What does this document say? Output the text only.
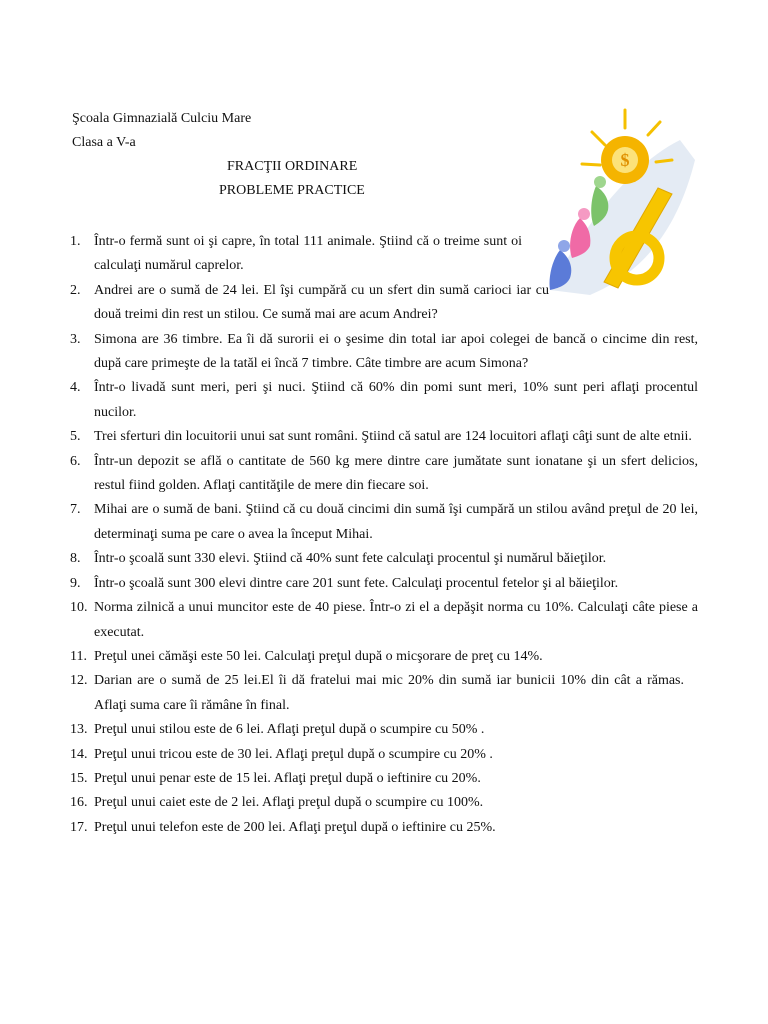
Şcoala Gimnazială Culciu Mare
Clasa a V-a
FRACŢII ORDINARE
PROBLEME PRACTICE
$
1. Într-o fermă sunt oi şi capre, în total 111 animale. Ştiind că o treime sunt oi calculaţi numărul caprelor.
2. Andrei are o sumă de 24 lei. El îşi cumpără cu un sfert din sumă carioci iar cu două treimi din rest un stilou. Ce sumă mai are acum Andrei?
3. Simona are 36 timbre. Ea îi dă surorii ei o şesime din total iar apoi colegei de bancă o cincime din rest, după care primeşte de la tatăl ei încă 7 timbre. Câte timbre are acum Simona?
4. Într-o livadă sunt meri, peri şi nuci. Ştiind că 60% din pomi sunt meri, 10% sunt peri aflaţi procentul nucilor.
5. Trei sferturi din locuitorii unui sat sunt români. Ştiind că satul are 124 locuitori aflaţi câţi sunt de alte etnii.
6. Într-un depozit se află o cantitate de 560 kg mere dintre care jumătate sunt ionatane şi un sfert delicios, restul fiind golden. Aflaţi cantităţile de mere din fiecare soi.
7. Mihai are o sumă de bani. Ştiind că cu două cincimi din sumă îşi cumpără un stilou având preţul de 20 lei, determinaţi suma pe care o avea la început Mihai.
8. Într-o şcoală sunt 330 elevi. Ştiind că 40% sunt fete calculaţi procentul şi numărul băieţilor.
9. Într-o şcoală sunt 300 elevi dintre care 201 sunt fete. Calculaţi procentul fetelor şi al băieţilor.
10. Norma zilnică a unui muncitor este de 40 piese. Într-o zi el a depăşit norma cu 10%. Calculaţi câte piese a executat.
11. Preţul unei cămăşi este 50 lei. Calculaţi preţul după o micşorare de preţ cu 14%.
12. Darian are o sumă de 25 lei.El îi dă fratelui mai mic 20% din sumă iar bunicii 10% din cât a rămas. Aflaţi suma care îi rămâne în final.
13. Preţul unui stilou este de 6 lei. Aflaţi preţul după o scumpire cu 50% .
14. Preţul unui tricou este de 30 lei. Aflaţi preţul după o scumpire cu 20% .
15. Preţul unui penar este de 15 lei. Aflaţi preţul după o ieftinire cu 20%.
16. Preţul unui caiet este de 2 lei. Aflaţi preţul după o scumpire cu 100%.
17. Preţul unui telefon este de 200 lei. Aflaţi preţul după o ieftinire cu 25%.
